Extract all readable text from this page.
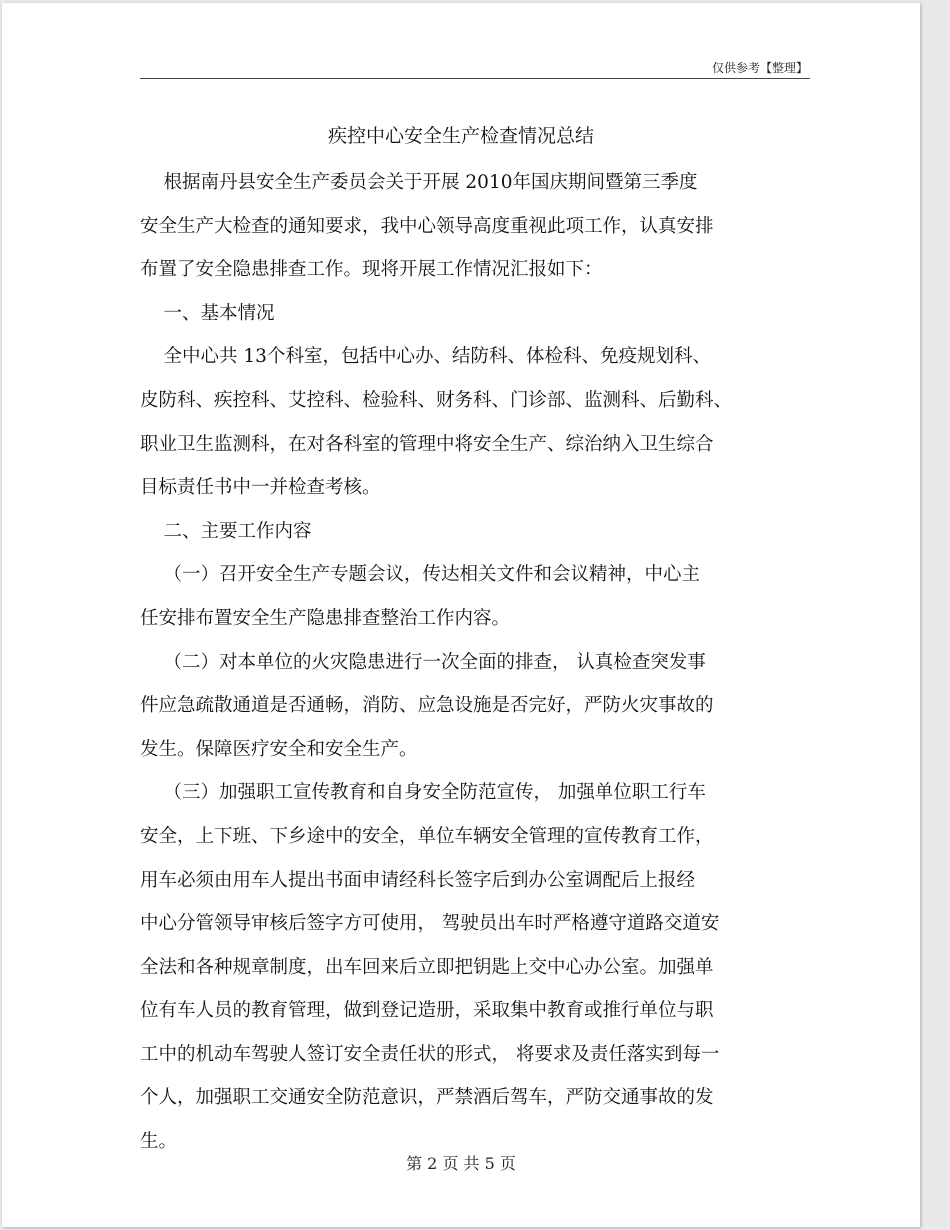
仅供参考【整理】
疾控中心安全生产检查情况总结
根据南丹县安全生产委员会关于开展 2010年国庆期间暨第三季度
安全生产大检查的通知要求，我中心领导高度重视此项工作，认真安排
布置了安全隐患排查工作。现将开展工作情况汇报如下：
一、基本情况
全中心共 13个科室，包括中心办、结防科、体检科、免疫规划科、
皮防科、疾控科、艾控科、检验科、财务科、门诊部、监测科、后勤科、
职业卫生监测科，在对各科室的管理中将安全生产、综治纳入卫生综合
目标责任书中一并检查考核。
二、主要工作内容
（一）召开安全生产专题会议，传达相关文件和会议精神，中心主
任安排布置安全生产隐患排查整治工作内容。
（二）对本单位的火灾隐患进行一次全面的排查， 认真检查突发事
件应急疏散通道是否通畅，消防、应急设施是否完好，严防火灾事故的
发生。保障医疗安全和安全生产。
（三）加强职工宣传教育和自身安全防范宣传， 加强单位职工行车
安全，上下班、下乡途中的安全，单位车辆安全管理的宣传教育工作，
用车必须由用车人提出书面申请经科长签字后到办公室调配后上报经
中心分管领导审核后签字方可使用， 驾驶员出车时严格遵守道路交道安
全法和各种规章制度，出车回来后立即把钥匙上交中心办公室。加强单
位有车人员的教育管理，做到登记造册，采取集中教育或推行单位与职
工中的机动车驾驶人签订安全责任状的形式， 将要求及责任落实到每一
个人，加强职工交通安全防范意识，严禁酒后驾车，严防交通事故的发
生。
第 2 页 共 5 页
